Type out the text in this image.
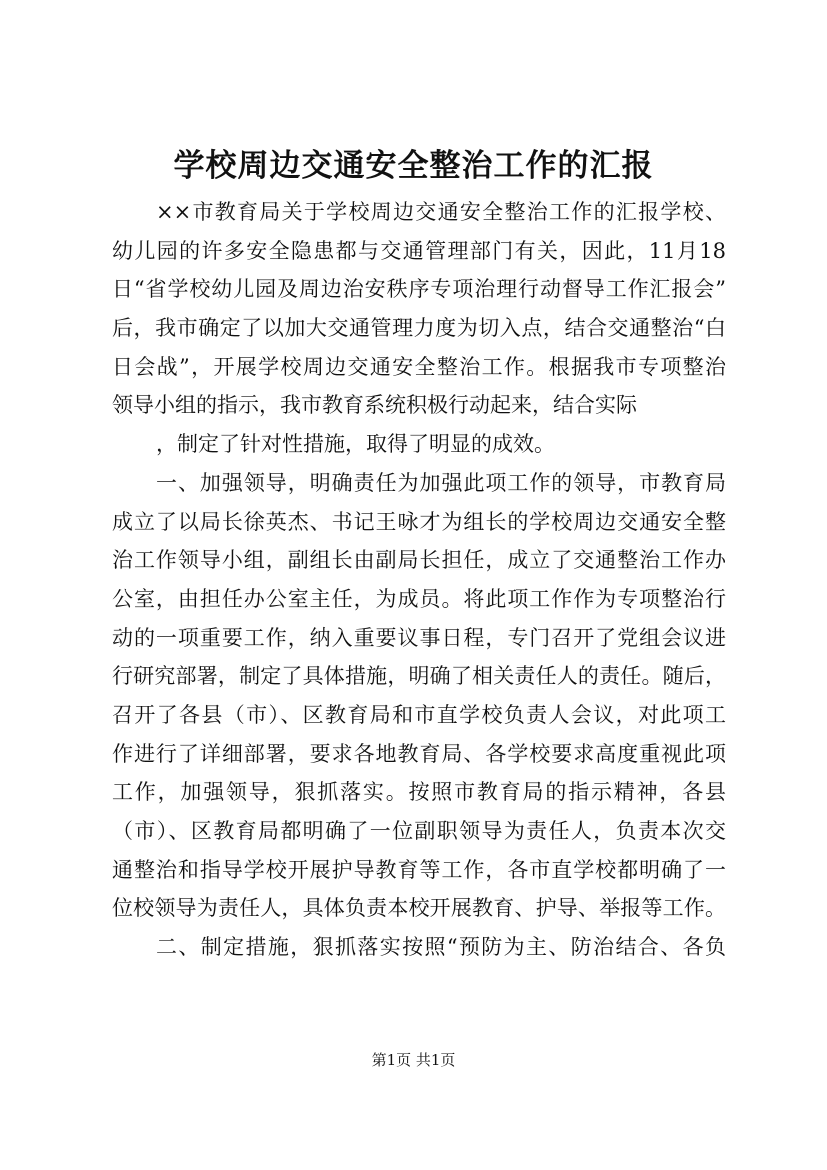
学校周边交通安全整治工作的汇报
××市教育局关于学校周边交通安全整治工作的汇报学校、
幼儿园的许多安全隐患都与交通管理部门有关，因此，11月18
日“省学校幼儿园及周边治安秩序专项治理行动督导工作汇报会”
后，我市确定了以加大交通管理力度为切入点，结合交通整治“白
日会战”，开展学校周边交通安全整治工作。根据我市专项整治
领导小组的指示，我市教育系统积极行动起来，结合实际
，制定了针对性措施，取得了明显的成效。
一、加强领导，明确责任为加强此项工作的领导，市教育局
成立了以局长徐英杰、书记王咏才为组长的学校周边交通安全整
治工作领导小组，副组长由副局长担任，成立了交通整治工作办
公室，由担任办公室主任，为成员。将此项工作作为专项整治行
动的一项重要工作，纳入重要议事日程，专门召开了党组会议进
行研究部署，制定了具体措施，明确了相关责任人的责任。随后，
召开了各县（市）、区教育局和市直学校负责人会议，对此项工
作进行了详细部署，要求各地教育局、各学校要求高度重视此项
工作，加强领导，狠抓落实。按照市教育局的指示精神，各县
（市）、区教育局都明确了一位副职领导为责任人，负责本次交
通整治和指导学校开展护导教育等工作，各市直学校都明确了一
位校领导为责任人，具体负责本校开展教育、护导、举报等工作。
二、制定措施，狠抓落实按照“预防为主、防治结合、各负
第1页 共1页
